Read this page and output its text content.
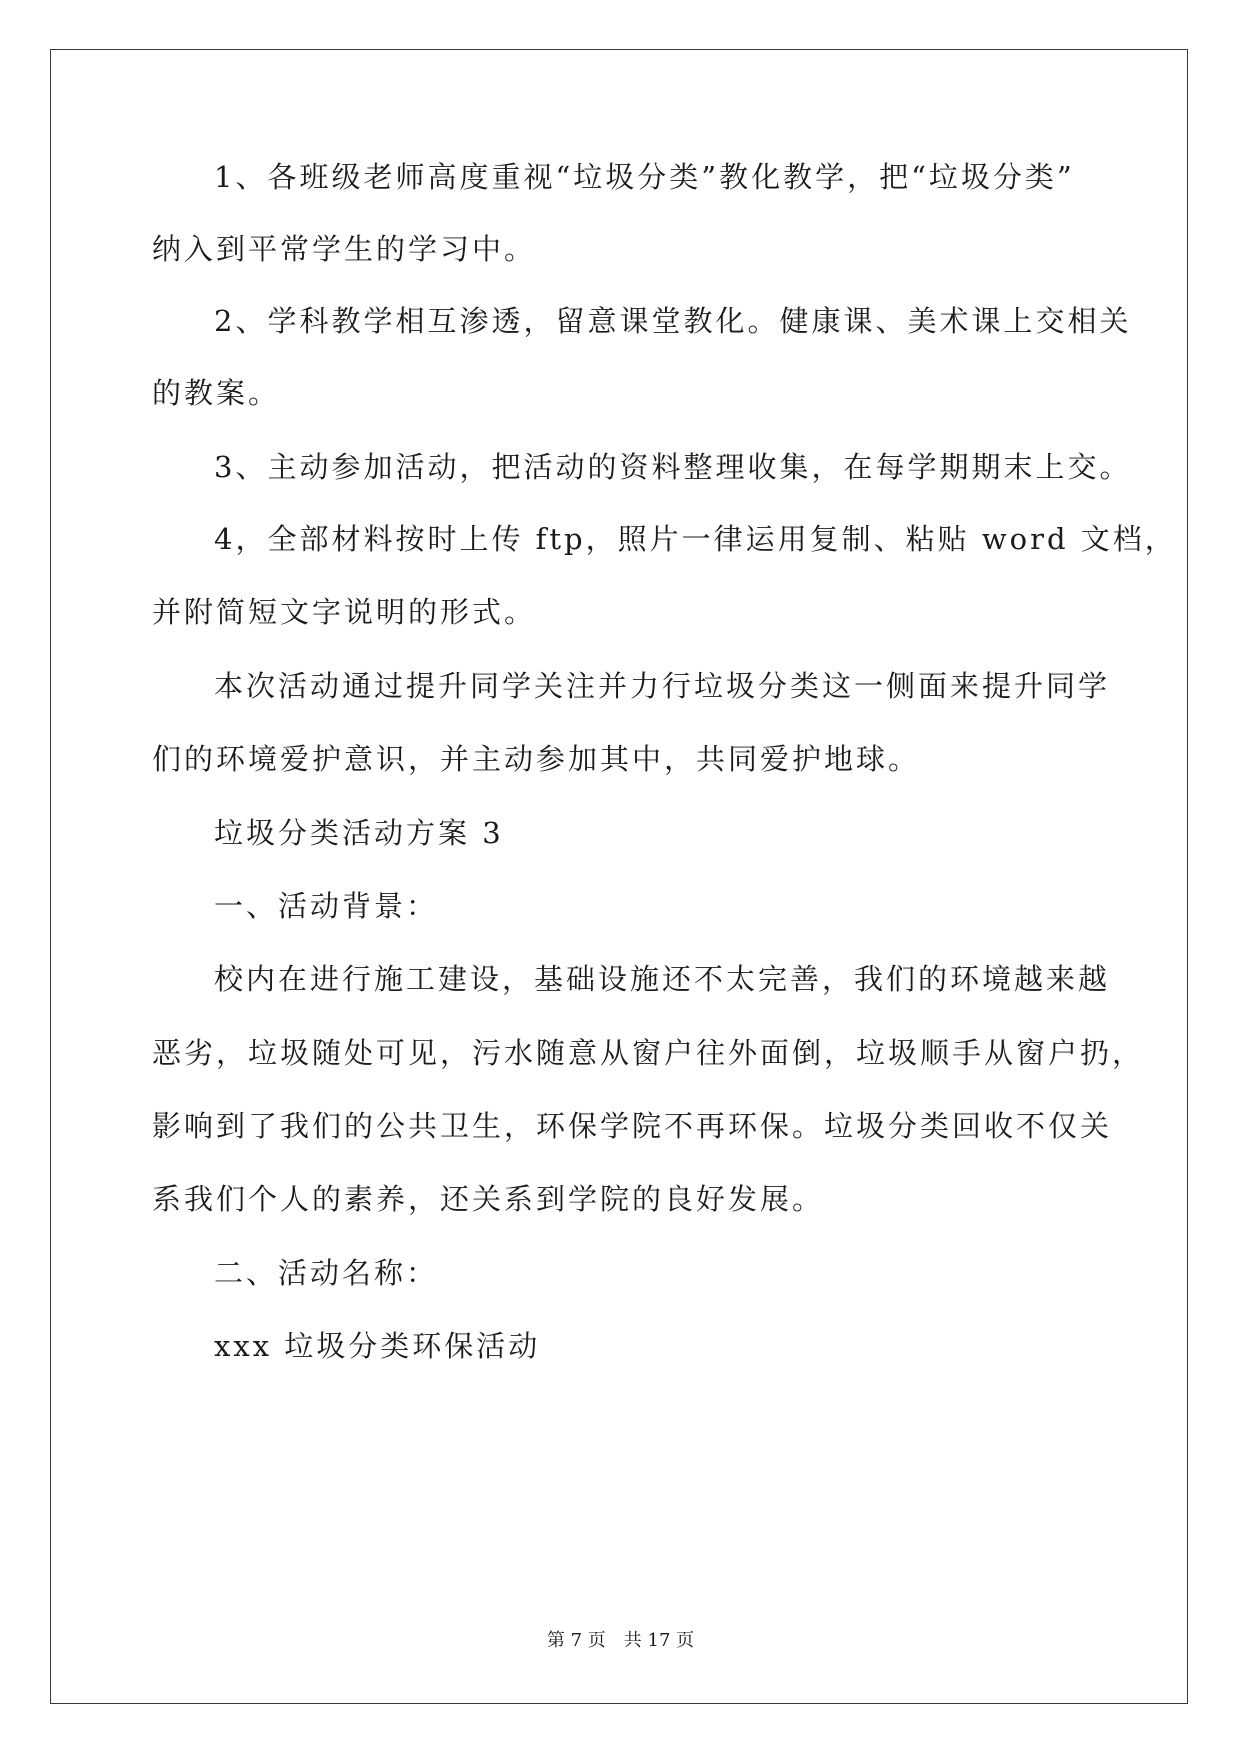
1、各班级老师高度重视“垃圾分类”教化教学，把“垃圾分类”
纳入到平常学生的学习中。
2、学科教学相互渗透，留意课堂教化。健康课、美术课上交相关
的教案。
3、主动参加活动，把活动的资料整理收集，在每学期期末上交。
4，全部材料按时上传 ftp，照片一律运用复制、粘贴 word 文档，
并附简短文字说明的形式。
本次活动通过提升同学关注并力行垃圾分类这一侧面来提升同学
们的环境爱护意识，并主动参加其中，共同爱护地球。
垃圾分类活动方案 3
一、活动背景：
校内在进行施工建设，基础设施还不太完善，我们的环境越来越
恶劣，垃圾随处可见，污水随意从窗户往外面倒，垃圾顺手从窗户扔，
影响到了我们的公共卫生，环保学院不再环保。垃圾分类回收不仅关
系我们个人的素养，还关系到学院的良好发展。
二、活动名称：
xxx 垃圾分类环保活动
第 7 页 共 17 页
